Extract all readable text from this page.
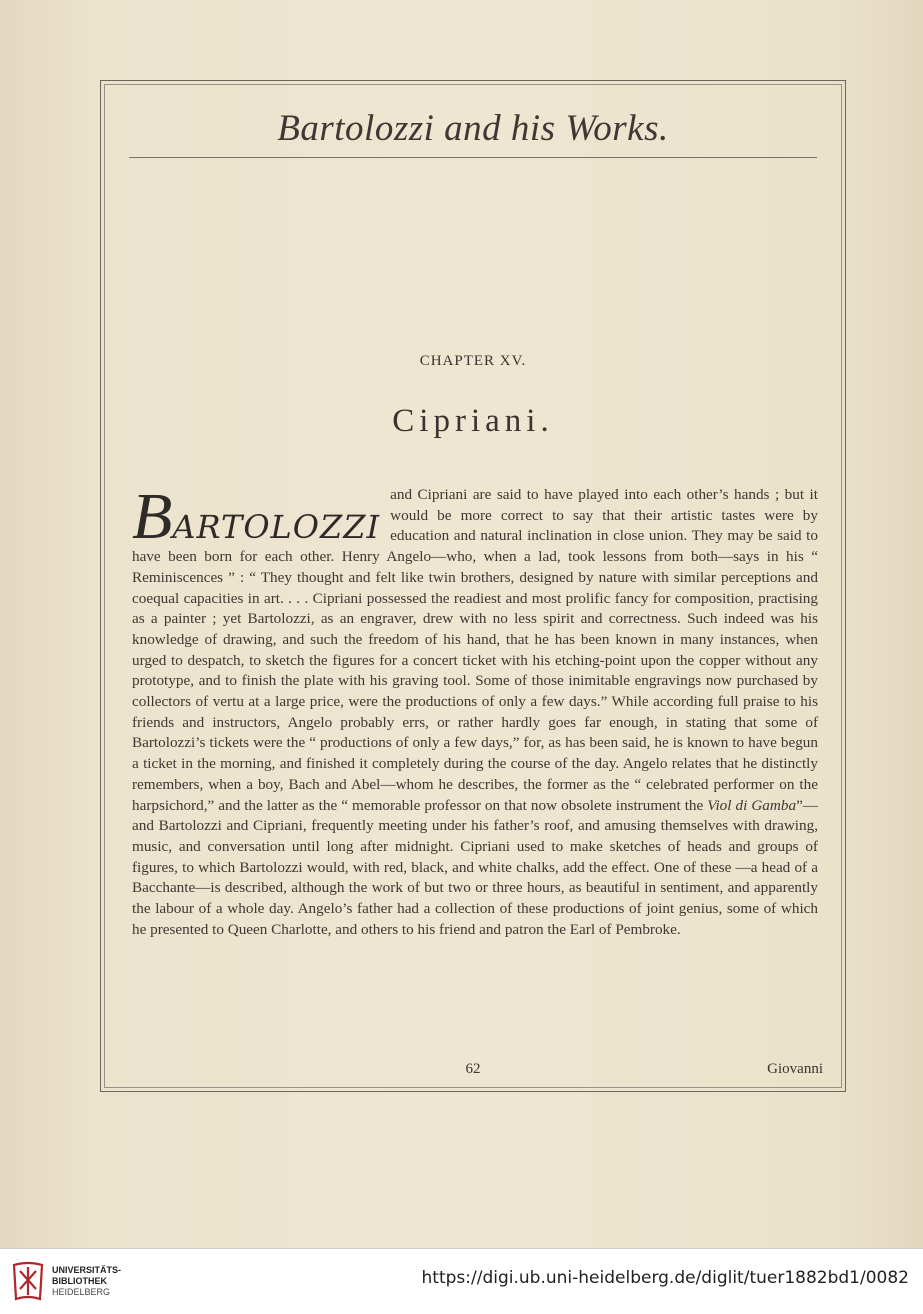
Bartolozzi and his Works.
CHAPTER XV.
Cipriani.
BARTOLOZZI
and Cipriani are said to have played into each other’s hands ; but it would be more correct to say that their artistic tastes were by education and natural inclination in close union. They may be said to have been born for each other. Henry Angelo—who, when a lad, took lessons from both—says in his “ Reminiscences ” : “ They thought and felt like twin brothers, designed by nature with similar perceptions and coequal capacities in art. . . . Cipriani possessed the readiest and most prolific fancy for composition, practising as a painter ; yet Bartolozzi, as an engraver, drew with no less spirit and correctness. Such indeed was his knowledge of drawing, and such the freedom of his hand, that he has been known in many instances, when urged to despatch, to sketch the figures for a concert ticket with his etching-point upon the copper without any prototype, and to finish the plate with his graving tool. Some of those inimitable engravings now purchased by collectors of vertu at a large price, were the productions of only a few days.” While according full praise to his friends and instructors, Angelo probably errs, or rather hardly goes far enough, in stating that some of Bartolozzi’s tickets were the “ productions of only a few days,” for, as has been said, he is known to have begun a ticket in the morning, and finished it completely during the course of the day. Angelo relates that he distinctly remembers, when a boy, Bach and Abel—whom he describes, the former as the “ celebrated performer on the harpsichord,” and the latter as the “ memorable professor on that now obsolete instrument the Viol di Gamba”—and Bartolozzi and Cipriani, frequently meeting under his father’s roof, and amusing themselves with drawing, music, and conversation until long after midnight. Cipriani used to make sketches of heads and groups of figures, to which Bartolozzi would, with red, black, and white chalks, add the effect. One of these —a head of a Bacchante—is described, although the work of but two or three hours, as beautiful in sentiment, and apparently the labour of a whole day. Angelo’s father had a collection of these productions of joint genius, some of which he presented to Queen Charlotte, and others to his friend and patron the Earl of Pembroke.
62	Giovanni
UNIVERSITÄTS-
BIBLIOTHEK
HEIDELBERG
https://digi.ub.uni-heidelberg.de/diglit/tuer1882bd1/0082
